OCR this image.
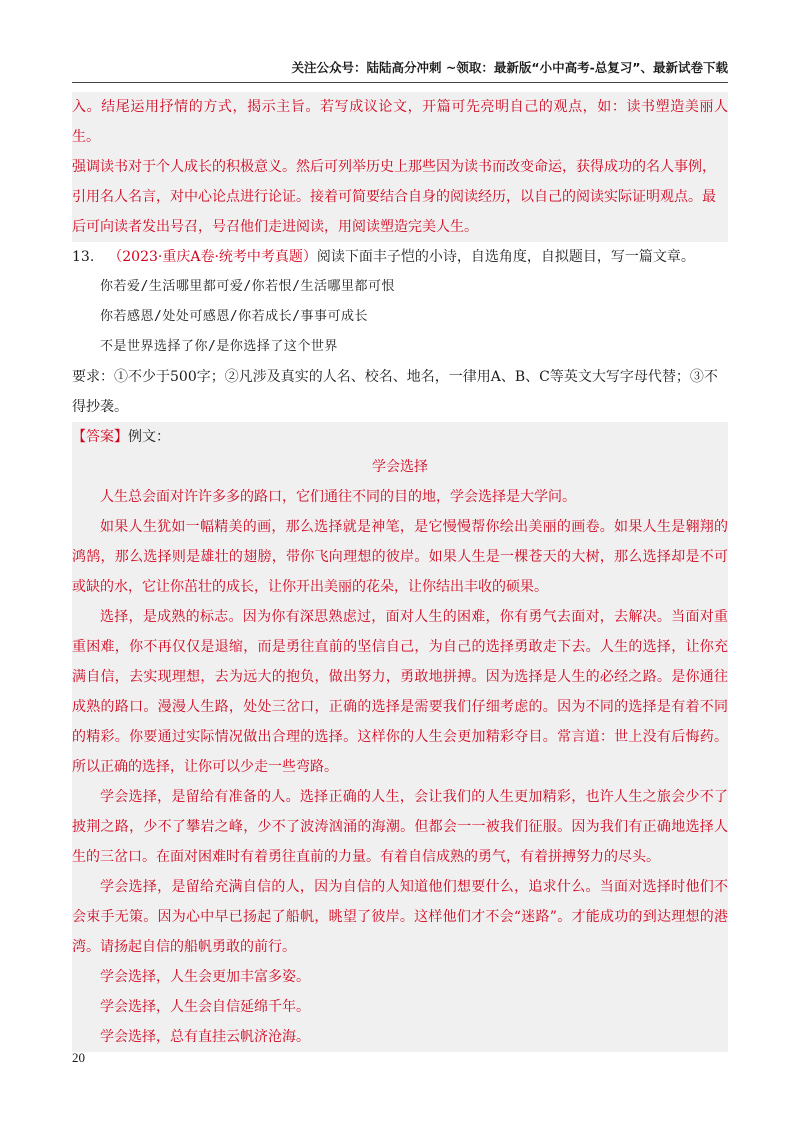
关注公众号：陆陆高分冲刺 ~领取：最新版“小中高考-总复习”、最新试卷下载

入。结尾运用抒情的方式，揭示主旨。若写成议论文，开篇可先亮明自己的观点，如：读书塑造美丽人生。

强调读书对于个人成长的积极意义。然后可列举历史上那些因为读书而改变命运，获得成功的名人事例，

引用名人名言，对中心论点进行论证。接着可简要结合自身的阅读经历，以自己的阅读实际证明观点。最

后可向读者发出号召，号召他们走进阅读，用阅读塑造完美人生。

13. （2023·重庆A卷·统考中考真题）阅读下面丰子恺的小诗，自选角度，自拟题目，写一篇文章。

你若爱/生活哪里都可爱/你若恨/生活哪里都可恨

你若感恩/处处可感恩/你若成长/事事可成长

不是世界选择了你/是你选择了这个世界

要求：①不少于500字；②凡涉及真实的人名、校名、地名，一律用A、B、C等英文大写字母代替；③不

得抄袭。

【答案】例文：

学会选择

人生总会面对许许多多的路口，它们通往不同的目的地，学会选择是大学问。

如果人生犹如一幅精美的画，那么选择就是神笔，是它慢慢帮你绘出美丽的画卷。如果人生是翱翔的鸿鹄，那么选择则是雄壮的翅膀，带你飞向理想的彼岸。如果人生是一棵苍天的大树，那么选择却是不可或缺的水，它让你茁壮的成长，让你开出美丽的花朵，让你结出丰收的硕果。

选择，是成熟的标志。因为你有深思熟虑过，面对人生的困难，你有勇气去面对，去解决。当面对重重困难，你不再仅仅是退缩，而是勇往直前的坚信自己，为自己的选择勇敢走下去。人生的选择，让你充满自信，去实现理想，去为远大的抱负，做出努力，勇敢地拼搏。因为选择是人生的必经之路。是你通往成熟的路口。漫漫人生路，处处三岔口，正确的选择是需要我们仔细考虑的。因为不同的选择是有着不同的精彩。你要通过实际情况做出合理的选择。这样你的人生会更加精彩夺目。常言道：世上没有后悔药。所以正确的选择，让你可以少走一些弯路。

学会选择，是留给有准备的人。选择正确的人生，会让我们的人生更加精彩，也许人生之旅会少不了披荆之路，少不了攀岩之峰，少不了波涛汹涌的海潮。但都会一一被我们征服。因为我们有正确地选择人生的三岔口。在面对困难时有着勇往直前的力量。有着自信成熟的勇气，有着拼搏努力的尽头。

学会选择，是留给充满自信的人，因为自信的人知道他们想要什么，追求什么。当面对选择时他们不会束手无策。因为心中早已扬起了船帆，眺望了彼岸。这样他们才不会“迷路”。才能成功的到达理想的港湾。请扬起自信的船帆勇敢的前行。

学会选择，人生会更加丰富多姿。

学会选择，人生会自信延绵千年。

学会选择，总有直挂云帆济沧海。

20
